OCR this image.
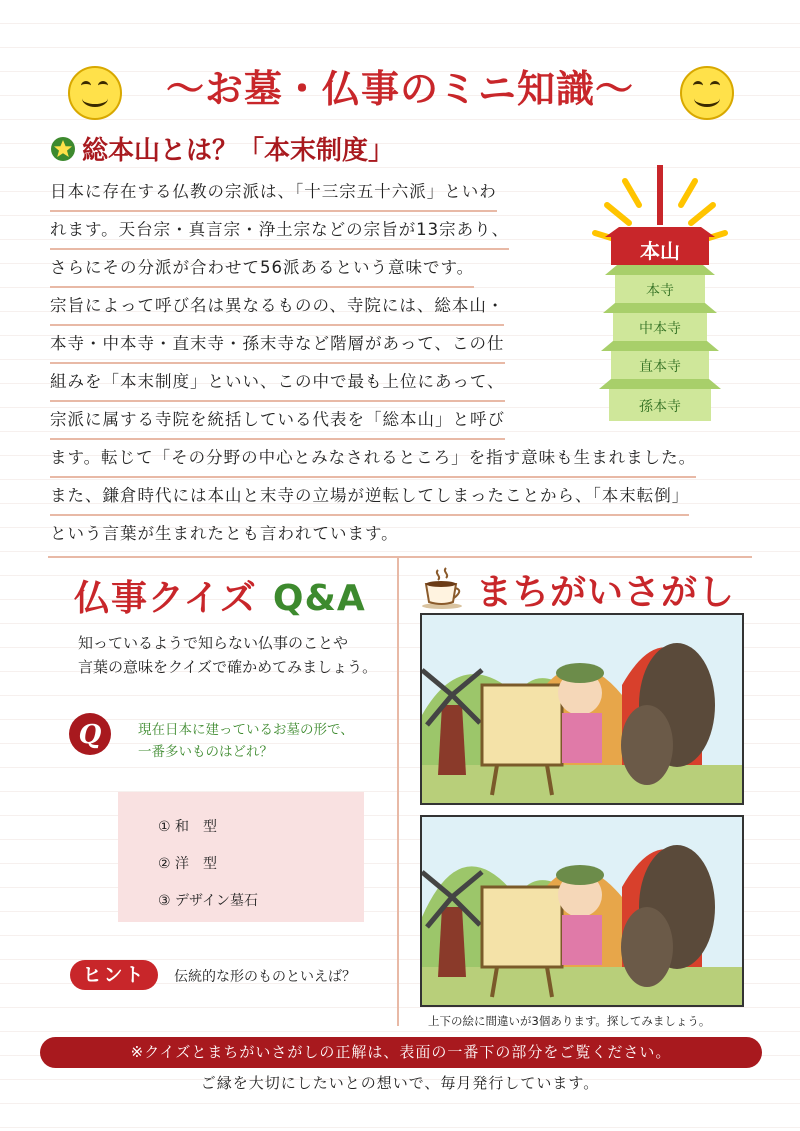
～お墓・仏事のミニ知識～
総本山とは？「本末制度」
日本に存在する仏教の宗派は、「十三宗五十六派」といわ
れます。天台宗・真言宗・浄土宗などの宗旨が13宗あり、
さらにその分派が合わせて56派あるという意味です。
宗旨によって呼び名は異なるものの、寺院には、総本山・
本寺・中本寺・直末寺・孫末寺など階層があって、この仕
組みを「本末制度」といい、この中で最も上位にあって、
宗派に属する寺院を統括している代表を「総本山」と呼び
ます。転じて「その分野の中心とみなされるところ」を指す意味も生まれました。
また、鎌倉時代には本山と末寺の立場が逆転してしまったことから、「本末転倒」
という言葉が生まれたとも言われています。
本山
本寺
中本寺
直本寺
孫本寺
仏事クイズ Q&A
知っているようで知らない仏事のことや
言葉の意味をクイズで確かめてみましょう。
Q	現在日本に建っているお墓の形で、
一番多いものはどれ？
① 和　型
② 洋　型
③ デザイン墓石
ヒント	伝統的な形のものといえば？
まちがいさがし
上下の絵に間違いが3個あります。探してみましょう。
※クイズとまちがいさがしの正解は、表面の一番下の部分をご覧ください。
ご縁を大切にしたいとの想いで、毎月発行しています。
